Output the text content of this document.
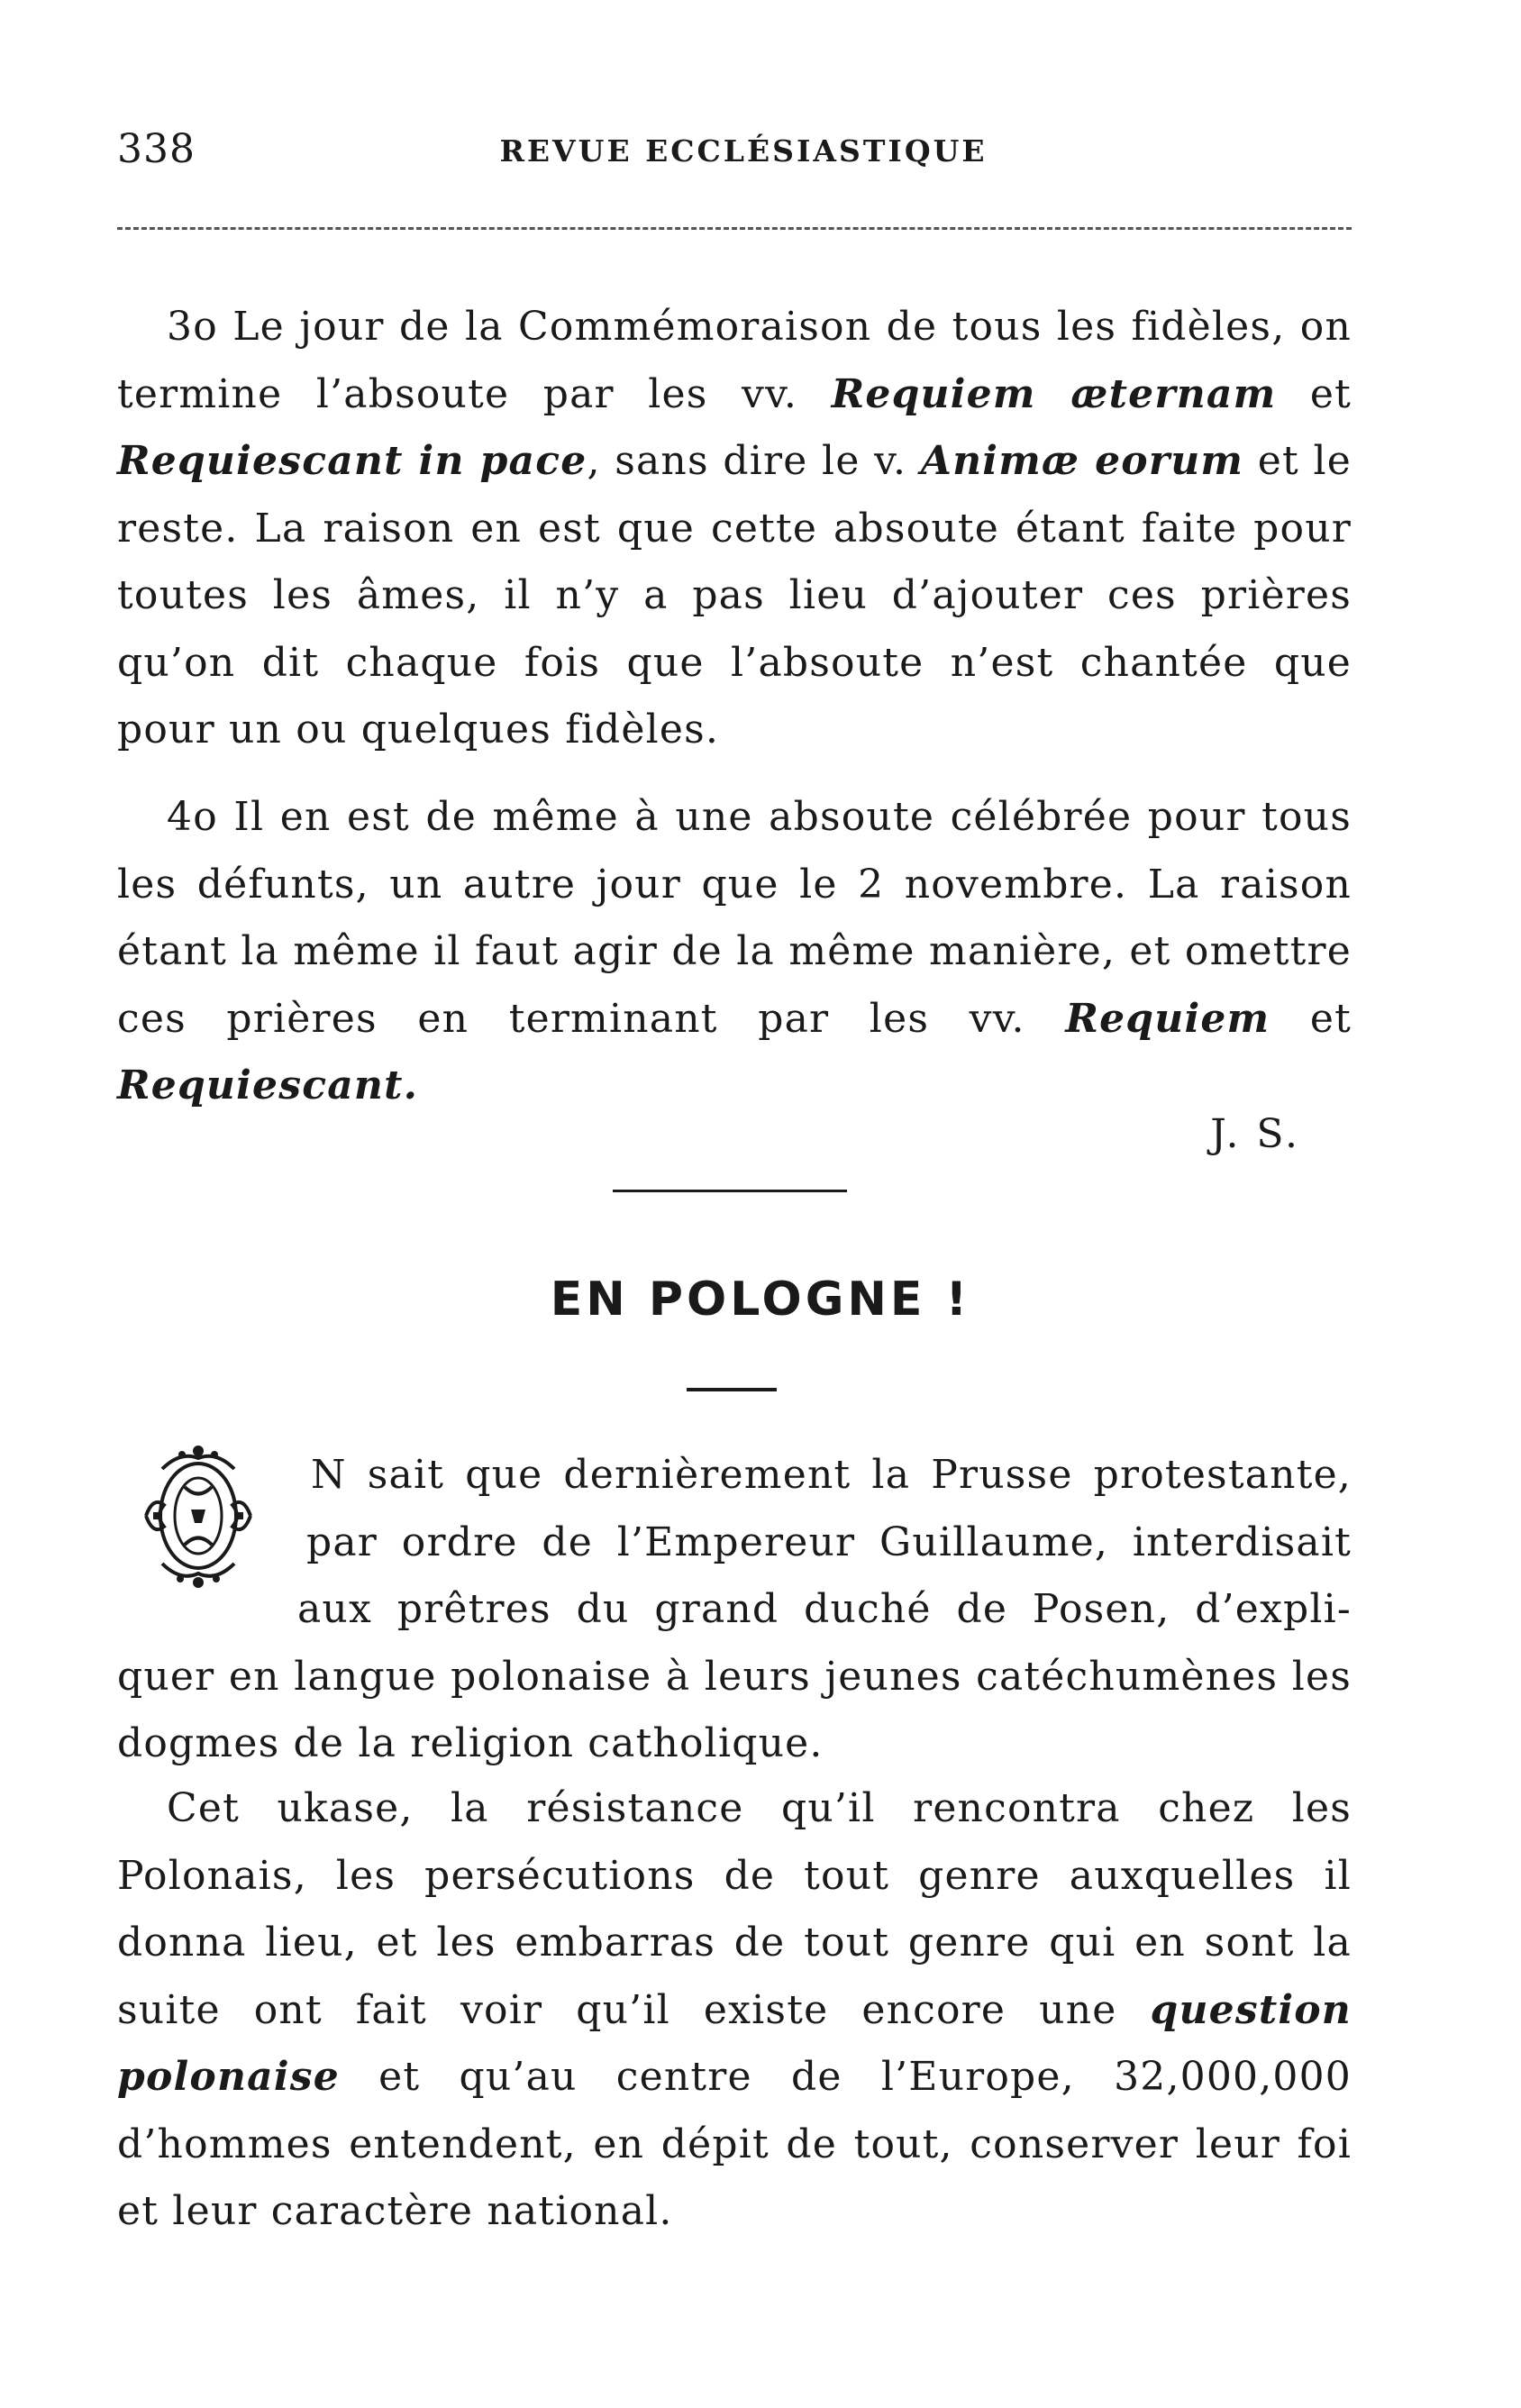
338	REVUE ECCLÉSIASTIQUE

3o Le jour de la Commémoraison de tous les fidèles, on termine l’absoute par les vv. Requiem æternam et Requiescant in pace, sans dire le v. Animæ eorum et le reste. La raison en est que cette absoute étant faite pour toutes les âmes, il n’y a pas lieu d’ajouter ces prières qu’on dit chaque fois que l’absoute n’est chantée que pour un ou quelques fidèles.

4o Il en est de même à une absoute célébrée pour tous les défunts, un autre jour que le 2 novembre. La raison étant la même il faut agir de la même manière, et omettre ces prières en terminant par les vv. Requiem et Requiescant.

J. S.
EN POLOGNE !
N sait que dernièrement la Prusse protestante,
par ordre de l’Empereur Guillaume, interdisait
aux prêtres du grand duché de Posen, d’expli-
quer en langue polonaise à leurs jeunes catéchumènes les dogmes de la religion catholique.

Cet ukase, la résistance qu’il rencontra chez les Polonais, les persécutions de tout genre auxquelles il donna lieu, et les embarras de tout genre qui en sont la suite ont fait voir qu’il existe encore une question polonaise et qu’au centre de l’Europe, 32,000,000 d’hommes entendent, en dépit de tout, conserver leur foi et leur caractère national.
